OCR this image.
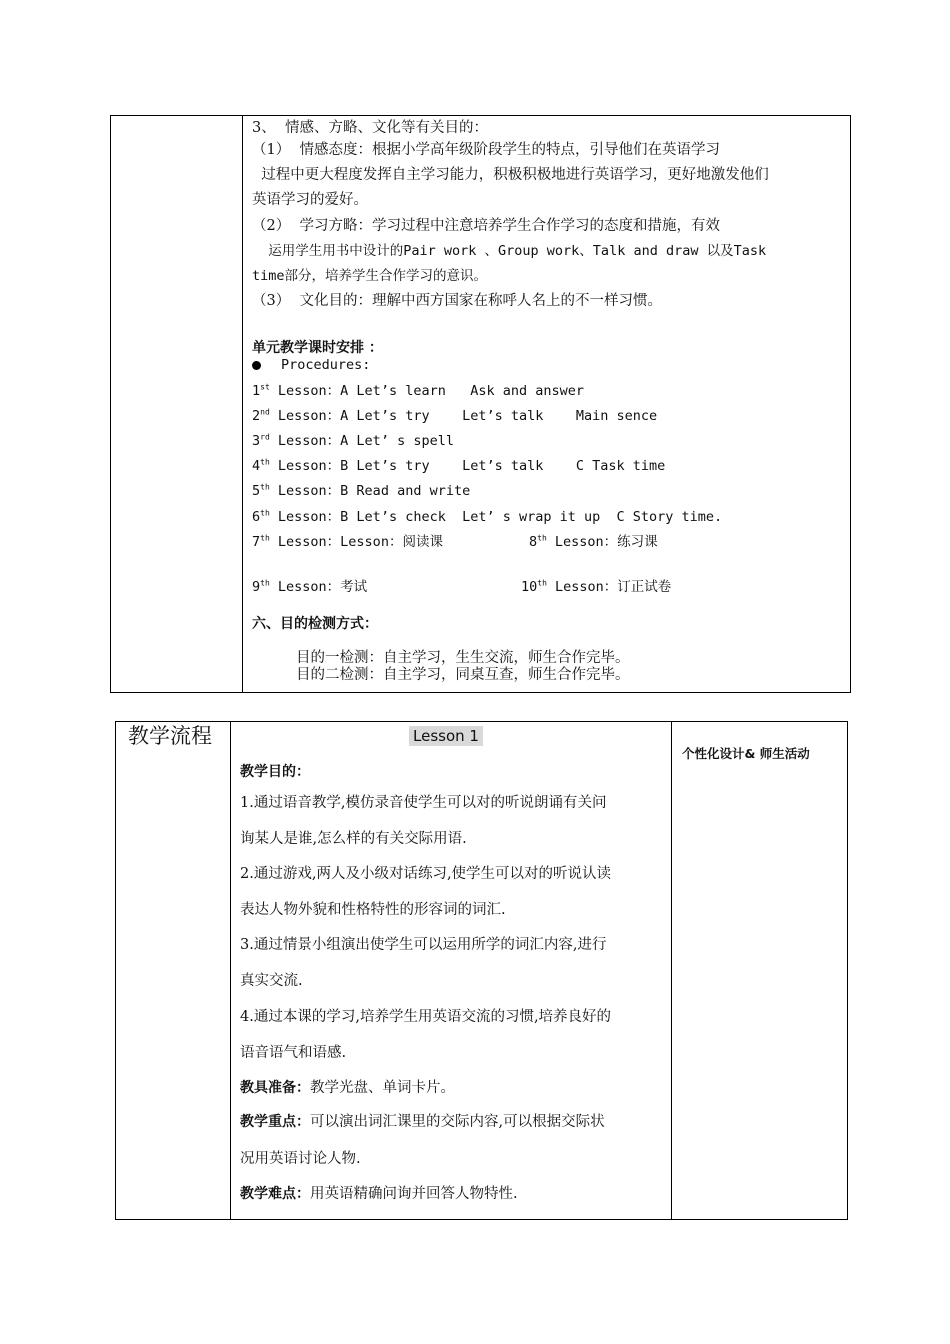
3、  情感、方略、文化等有关目的：
（1）  情感态度：根据小学高年级阶段学生的特点，引导他们在英语学习
过程中更大程度发挥自主学习能力，积极积极地进行英语学习，更好地激发他们
英语学习的爱好。
（2）  学习方略：学习过程中注意培养学生合作学习的态度和措施，有效
运用学生用书中设计的Pair work 、Group work、Talk and draw 以及Task
time部分，培养学生合作学习的意识。
（3）  文化目的：理解中西方国家在称呼人名上的不一样习惯。
单元教学课时安排 ：
Procedures:
1st Lesson：A Let’s learn   Ask and answer
2nd Lesson：A Let’s try    Let’s talk    Main sence
3rd Lesson：A Let’ s spell
4th Lesson：B Let’s try    Let’s talk    C Task time
5th Lesson：B Read and write
6th Lesson：B Let’s check  Let’ s wrap it up  C Story time.
7th Lesson：Lesson：阅读课	8th Lesson：练习课
9th Lesson：考试	10th Lesson：订正试卷
六、目的检测方式：
目的一检测：自主学习，生生交流，师生合作完毕。
目的二检测：自主学习，同桌互查，师生合作完毕。
教学流程	Lesson 1
个性化设计& 师生活动
教学目的：
1.通过语音教学,模仿录音使学生可以对的听说朗诵有关问
询某人是谁,怎么样的有关交际用语.
2.通过游戏,两人及小级对话练习,使学生可以对的听说认读
表达人物外貌和性格特性的形容词的词汇.
3.通过情景小组演出使学生可以运用所学的词汇内容,进行
真实交流.
4.通过本课的学习,培养学生用英语交流的习惯,培养良好的
语音语气和语感.
教具准备：教学光盘、单词卡片。
教学重点：可以演出词汇课里的交际内容,可以根据交际状
况用英语讨论人物.
教学难点：用英语精确问询并回答人物特性.
